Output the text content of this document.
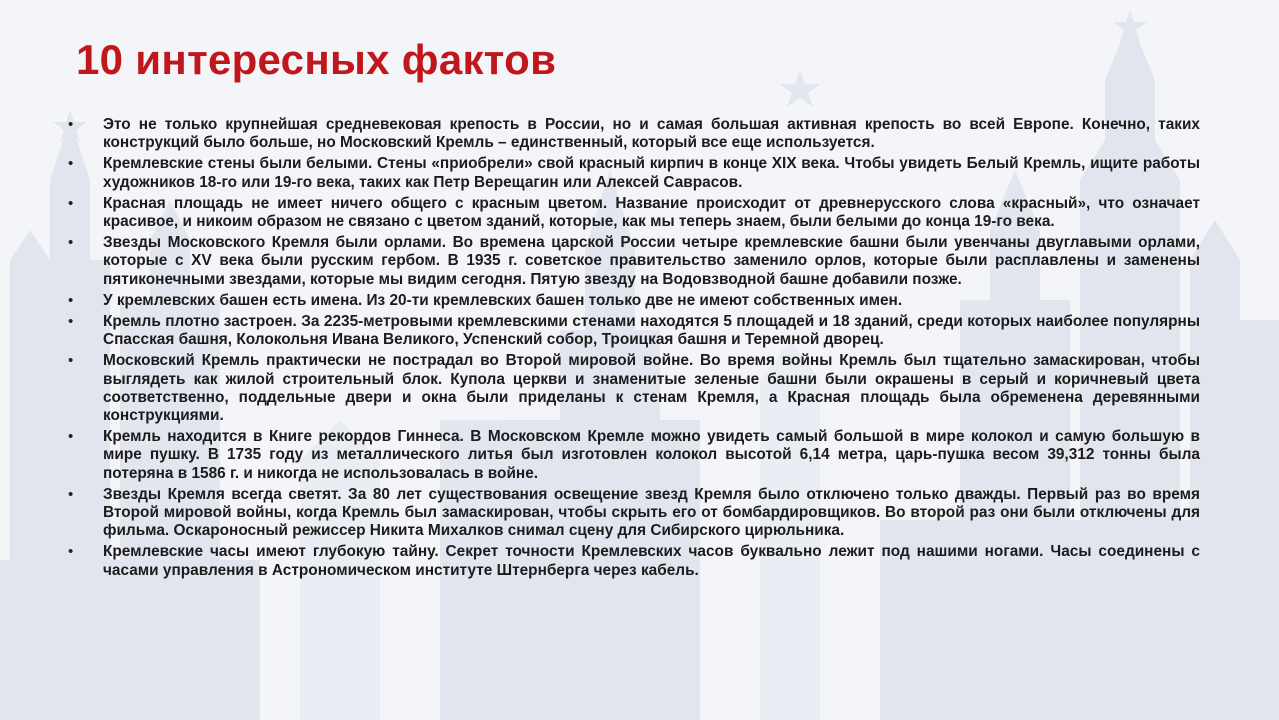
10 интересных фактов
• Это не только крупнейшая средневековая крепость в России, но и самая большая активная крепость во всей Европе. Конечно, таких конструкций было больше, но Московский Кремль – единственный, который все еще используется.
• Кремлевские стены были белыми. Стены «приобрели» свой красный кирпич в конце XIX века. Чтобы увидеть Белый Кремль, ищите работы художников 18-го или 19-го века, таких как Петр Верещагин или Алексей Саврасов.
• Красная площадь не имеет ничего общего с красным цветом. Название происходит от древнерусского слова «красный», что означает красивое, и никоим образом не связано с цветом зданий, которые, как мы теперь знаем, были белыми до конца 19-го века.
• Звезды Московского Кремля были орлами. Во времена царской России четыре кремлевские башни были увенчаны двуглавыми орлами, которые с XV века были русским гербом. В 1935 г. советское правительство заменило орлов, которые были расплавлены и заменены пятиконечными звездами, которые мы видим сегодня. Пятую звезду на Водовзводной башне добавили позже.
• У кремлевских башен есть имена. Из 20-ти кремлевских башен только две не имеют собственных имен.
• Кремль плотно застроен. За 2235-метровыми кремлевскими стенами находятся 5 площадей и 18 зданий, среди которых наиболее популярны Спасская башня, Колокольня Ивана Великого, Успенский собор, Троицкая башня и Теремной дворец.
• Московский Кремль практически не пострадал во Второй мировой войне. Во время войны Кремль был тщательно замаскирован, чтобы выглядеть как жилой строительный блок. Купола церкви и знаменитые зеленые башни были окрашены в серый и коричневый цвета соответственно, поддельные двери и окна были приделаны к стенам Кремля, а Красная площадь была обременена деревянными конструкциями.
• Кремль находится в Книге рекордов Гиннеса. В Московском Кремле можно увидеть самый большой в мире колокол и самую большую в мире пушку. В 1735 году из металлического литья был изготовлен колокол высотой 6,14 метра, царь-пушка весом 39,312 тонны была потеряна в 1586 г. и никогда не использовалась в войне.
• Звезды Кремля всегда светят. За 80 лет существования освещение звезд Кремля было отключено только дважды. Первый раз во время Второй мировой войны, когда Кремль был замаскирован, чтобы скрыть его от бомбардировщиков. Во второй раз они были отключены для фильма. Оскароносный режиссер Никита Михалков снимал сцену для Сибирского цирюльника.
• Кремлевские часы имеют глубокую тайну. Секрет точности Кремлевских часов буквально лежит под нашими ногами. Часы соединены с часами управления в Астрономическом институте Штернберга через кабель.
